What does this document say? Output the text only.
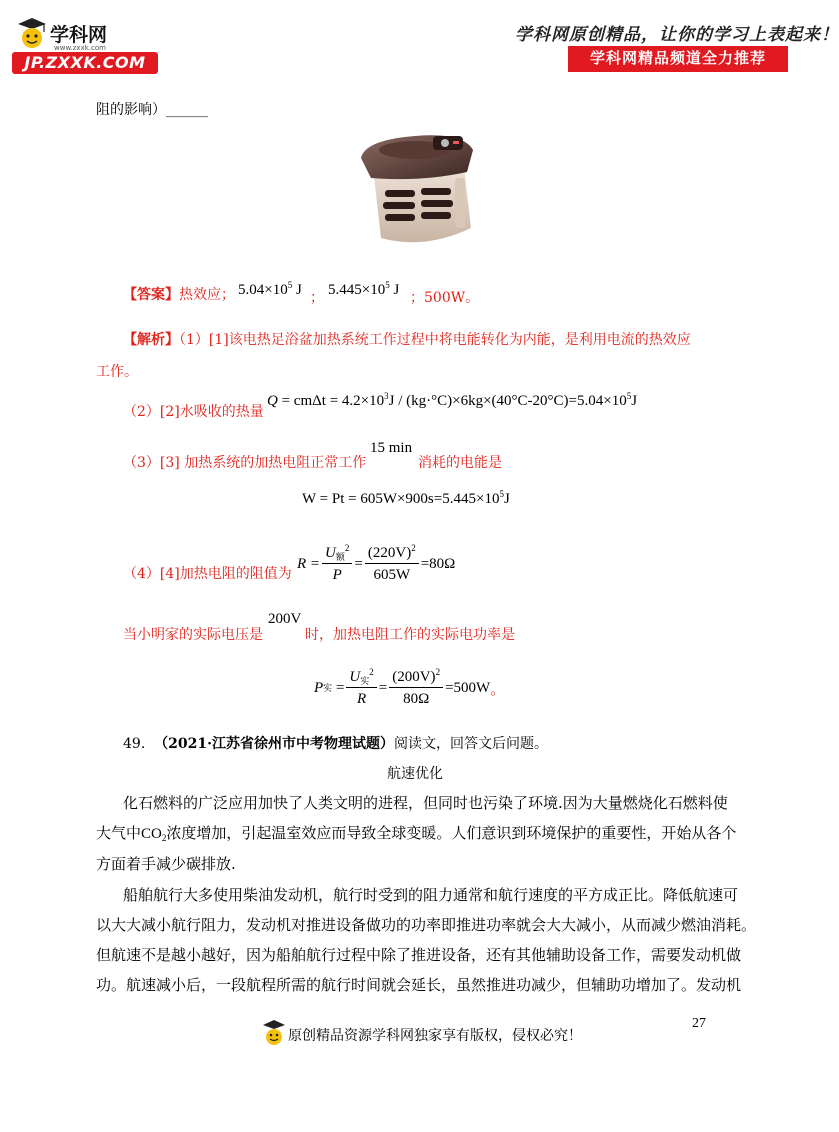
学科网
www.zxxk.com
JP.ZXXK.COM
学科网原创精品，让你的学习上表起来！
学科网精品频道全力推荐
阻的影响）______
【答案】热效应； $5.04\times 10^5$ J ； $5.445\times 10^5$ J ；500W。
【解析】（1）[1]该电热足浴盆加热系统工作过程中将电能转化为内能，是利用电流的热效应
工作。
（2）[2]水吸收的热量
$Q = cm\Delta t = 4.2\times 10^3J / (kg\cdot^\circ C)\times 6kg\times(40^\circ C-20^\circ C)=5.04\times 10^5J$
（3）[3] 加热系统的加热电阻正常工作
15 min
消耗的电能是
$W = Pt = 605W\times 900s=5.445\times 10^5J$
（4）[4]加热电阻的阻值为
$R = \frac{U_额^2}{P} = \frac{(220V)^2}{605W} =80\Omega$
当小明家的实际电压是
200V
时，加热电阻工作的实际电功率是
P 实 = $\frac{U_实^2}{R} = \frac{(200V)^2}{80\Omega} =500W$ 。
49. （2021·江苏省徐州市中考物理试题）阅读文，回答文后问题。
航速优化
化石燃料的广泛应用加快了人类文明的进程，但同时也污染了环境.因为大量燃烧化石燃料使
大气中$CO_2$浓度增加，引起温室效应而导致全球变暖。人们意识到环境保护的重要性，开始从各个
方面着手减少碳排放.
船舶航行大多使用柴油发动机，航行时受到的阻力通常和航行速度的平方成正比。降低航速可
以大大减小航行阻力，发动机对推进设备做功的功率即推进功率就会大大减小，从而减少燃油消耗。
但航速不是越小越好，因为船舶航行过程中除了推进设备，还有其他辅助设备工作，需要发动机做
功。航速减小后，一段航程所需的航行时间就会延长，虽然推进功减少，但辅助功增加了。发动机
27
原创精品资源学科网独家享有版权，侵权必究！
